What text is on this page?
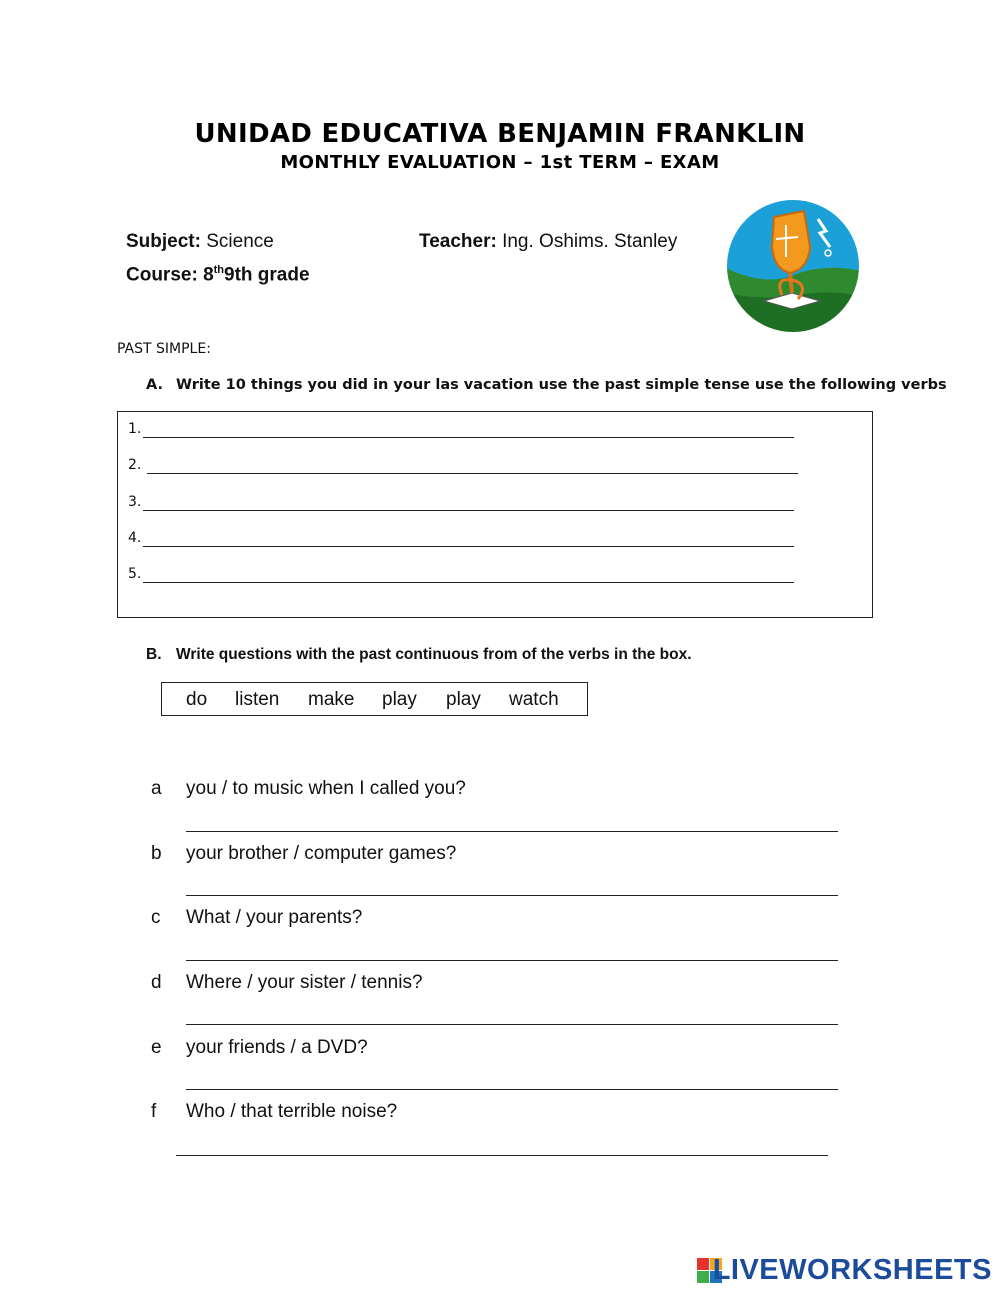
UNIDAD EDUCATIVA BENJAMIN FRANKLIN
MONTHLY EVALUATION – 1st TERM – EXAM
Subject: Science	Teacher: Ing. Oshims. Stanley
Course: 8th9th grade
PAST SIMPLE:
A. Write 10 things you did in your las vacation use the past simple tense use the following verbs
1.
2.
3.
4.
5.
B. Write questions with the past continuous from of the verbs in the box.
do listen make play play watch
a you / to music when I called you?
b your brother / computer games?
c What / your parents?
d Where / your sister / tennis?
e your friends / a DVD?
f Who / that terrible noise?
LIVEWORKSHEETS
